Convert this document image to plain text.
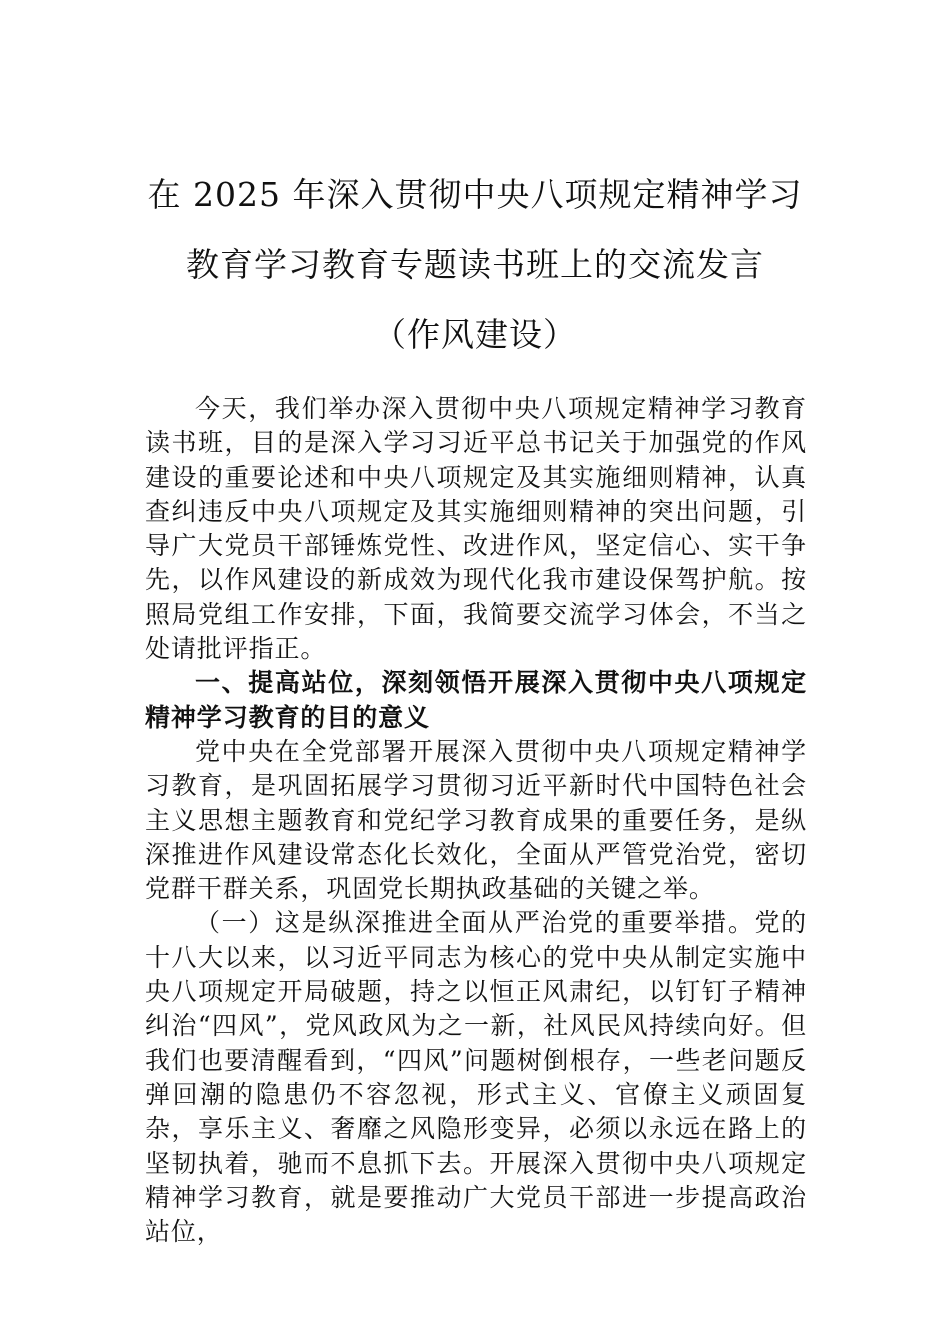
在 2025 年深入贯彻中央八项规定精神学习
教育学习教育专题读书班上的交流发言
（作风建设）

今天，我们举办深入贯彻中央八项规定精神学习教育读书班，目的是深入学习习近平总书记关于加强党的作风建设的重要论述和中央八项规定及其实施细则精神，认真查纠违反中央八项规定及其实施细则精神的突出问题，引导广大党员干部锤炼党性、改进作风，坚定信心、实干争先，以作风建设的新成效为现代化我市建设保驾护航。按照局党组工作安排，下面，我简要交流学习体会，不当之处请批评指正。

一、提高站位，深刻领悟开展深入贯彻中央八项规定精神学习教育的目的意义

党中央在全党部署开展深入贯彻中央八项规定精神学习教育，是巩固拓展学习贯彻习近平新时代中国特色社会主义思想主题教育和党纪学习教育成果的重要任务，是纵深推进作风建设常态化长效化，全面从严管党治党，密切党群干群关系，巩固党长期执政基础的关键之举。

（一）这是纵深推进全面从严治党的重要举措。党的十八大以来，以习近平同志为核心的党中央从制定实施中央八项规定开局破题，持之以恒正风肃纪，以钉钉子精神纠治“四风”，党风政风为之一新，社风民风持续向好。但我们也要清醒看到，“四风”问题树倒根存，一些老问题反弹回潮的隐患仍不容忽视，形式主义、官僚主义顽固复杂，享乐主义、奢靡之风隐形变异，必须以永远在路上的坚韧执着，驰而不息抓下去。开展深入贯彻中央八项规定精神学习教育，就是要推动广大党员干部进一步提高政治站位，
